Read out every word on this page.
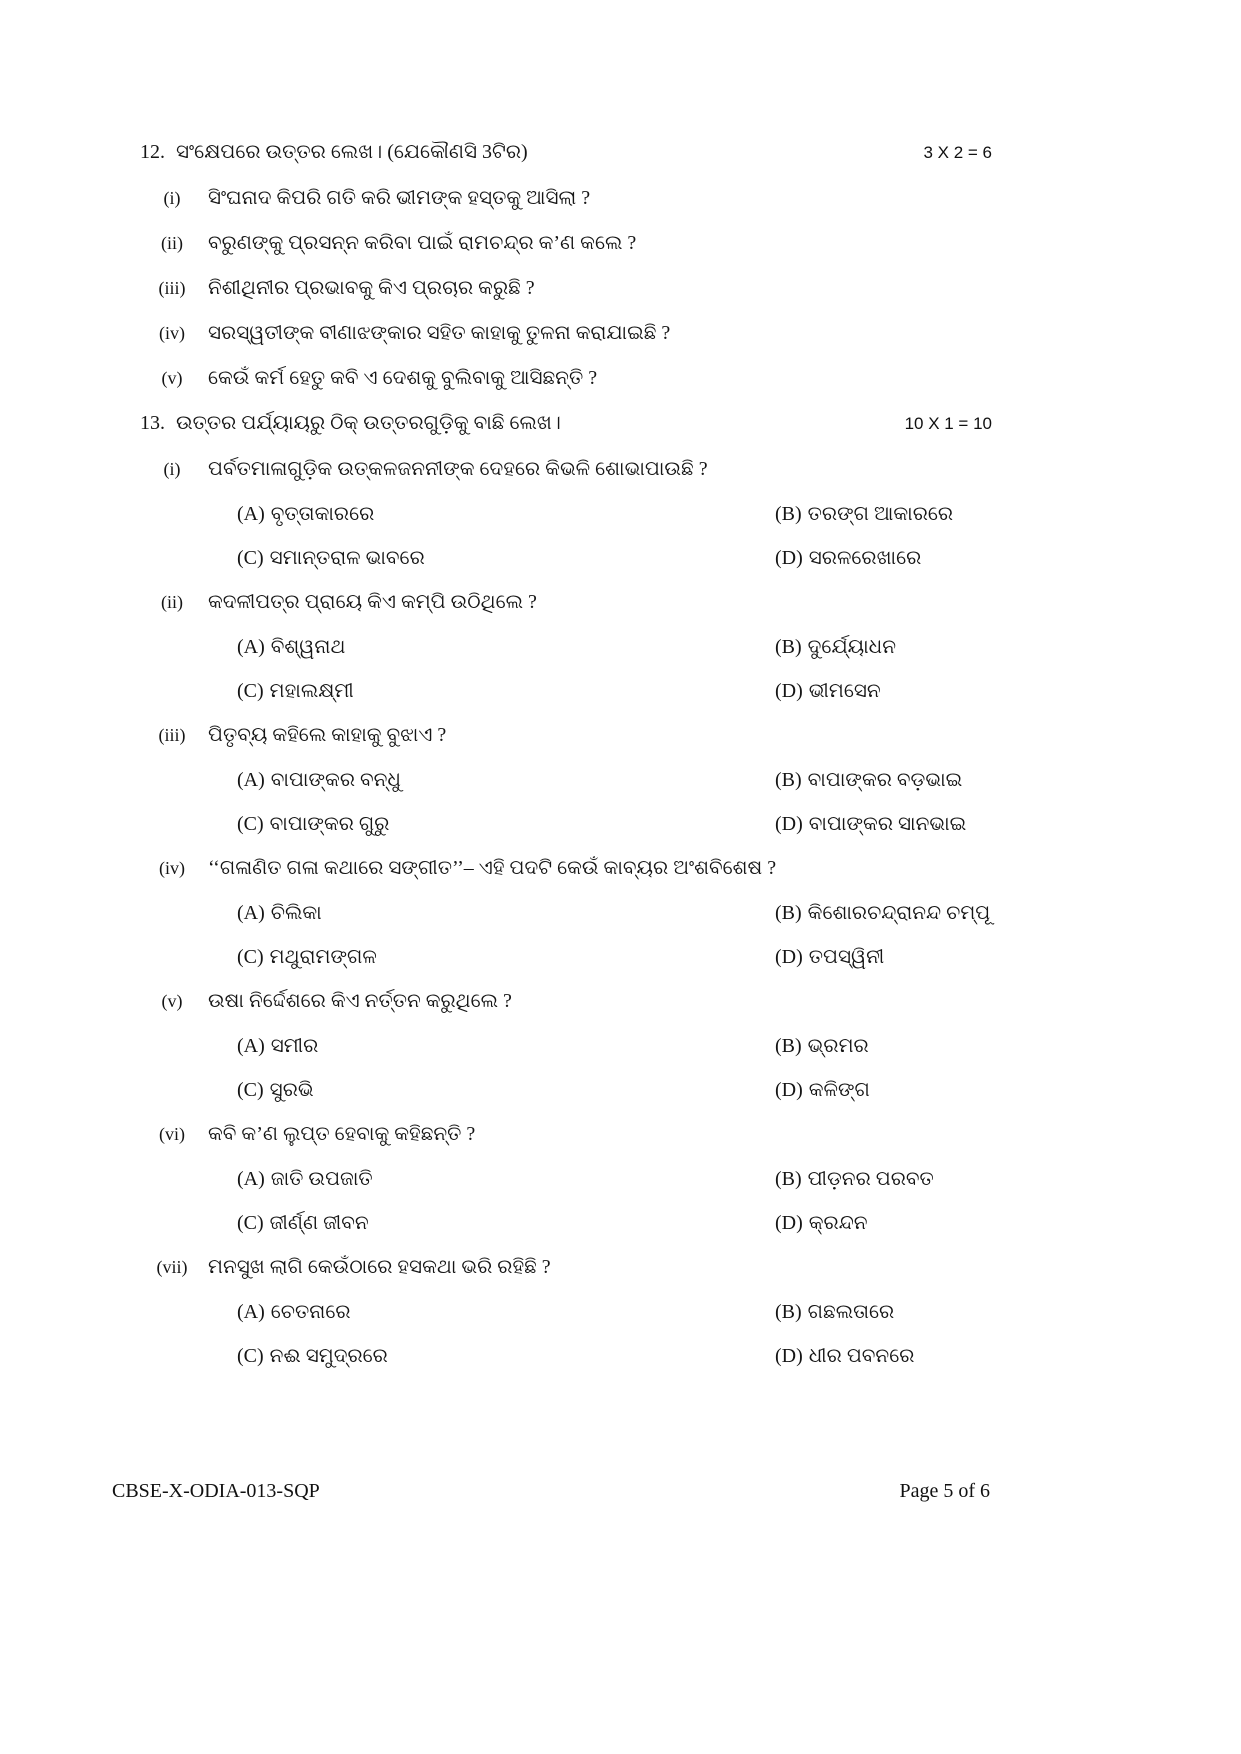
12. ସଂକ୍ଷେପରେ ଉତ୍ତର ଲେଖ। (ଯେକୌଣସି 3ଟିର)	3 X 2 = 6
(i)	ସିଂଘନାଦ କିପରି ଗତି କରି ଭୀମଙ୍କ ହସ୍ତକୁ ଆସିଲା ?
(ii)	ବରୁଣଙ୍କୁ ପ୍ରସନ୍ନ କରିବା ପାଇଁ ରାମଚନ୍ଦ୍ର କ’ଣ କଲେ ?
(iii)	ନିଶୀଥିନୀର ପ୍ରଭାବକୁ କିଏ ପ୍ରଚାର କରୁଛି ?
(iv)	ସରସ୍ୱତୀଙ୍କ ବୀଣାଝଙ୍କାର ସହିତ କାହାକୁ ତୁଳନା କରାଯାଇଛି ?
(v)	କେଉଁ କର୍ମ ହେତୁ କବି ଏ ଦେଶକୁ ବୁଲିବାକୁ ଆସିଛନ୍ତି ?
13. ଉତ୍ତର ପର୍ଯ୍ୟାୟରୁ ଠିକ୍ ଉତ୍ତରଗୁଡ଼ିକୁ ବାଛି ଲେଖ।	10 X 1 = 10
(i)	ପର୍ବତମାଳାଗୁଡ଼ିକ ଉତ୍କଳଜନନୀଙ୍କ ଦେହରେ କିଭଳି ଶୋଭାପାଉଛି ?
(A) ବୃତ୍ତାକାରରେ	(B) ତରଙ୍ଗ ଆକାରରେ
(C) ସମାନ୍ତରାଳ ଭାବରେ	(D) ସରଳରେଖାରେ
(ii)	କଦଳୀପତ୍ର ପ୍ରାୟେ କିଏ କମ୍ପି ଉଠିଥିଲେ ?
(A) ବିଶ୍ୱନାଥ	(B) ଦୁର୍ଯ୍ୟୋଧନ
(C) ମହାଲକ୍ଷ୍ମୀ	(D) ଭୀମସେନ
(iii)	ପିତୃବ୍ୟ କହିଲେ କାହାକୁ ବୁଝାଏ ?
(A) ବାପାଙ୍କର ବନ୍ଧୁ	(B) ବାପାଙ୍କର ବଡ଼ଭାଇ
(C) ବାପାଙ୍କର ଗୁରୁ	(D) ବାପାଙ୍କର ସାନଭାଇ
(iv)	‘‘ଗଳାଣିତ ଗଳା କଥାରେ ସଙ୍ଗୀତ’’– ଏହି ପଦଟି କେଉଁ କାବ୍ୟର ଅଂଶବିଶେଷ ?
(A) ଚିଲିକା	(B) କିଶୋରଚନ୍ଦ୍ରାନନ୍ଦ ଚମ୍ପୂ
(C) ମଥୁରାମଙ୍ଗଳ	(D) ତପସ୍ୱିନୀ
(v)	ଉଷା ନିର୍ଦ୍ଦେଶରେ କିଏ ନର୍ତ୍ତନ କରୁଥିଲେ ?
(A) ସମୀର	(B) ଭ୍ରମର
(C) ସୁରଭି	(D) କଳିଙ୍ଗ
(vi)	କବି କ’ଣ ଲୁପ୍ତ ହେବାକୁ କହିଛନ୍ତି ?
(A) ଜାତି ଉପଜାତି	(B) ପୀଡ଼ନର ପରବତ
(C) ଜୀର୍ଣ୍ଣ ଜୀବନ	(D) କ୍ରନ୍ଦନ
(vii)	ମନସୁଖ ଲାଗି କେଉଁଠାରେ ହସକଥା ଭରି ରହିଛି ?
(A) ଚେତନାରେ	(B) ଗଛଲତାରେ
(C) ନଈ ସମୁଦ୍ରରେ	(D) ଧୀର ପବନରେ
CBSE-X-ODIA-013-SQP	Page 5 of 6
